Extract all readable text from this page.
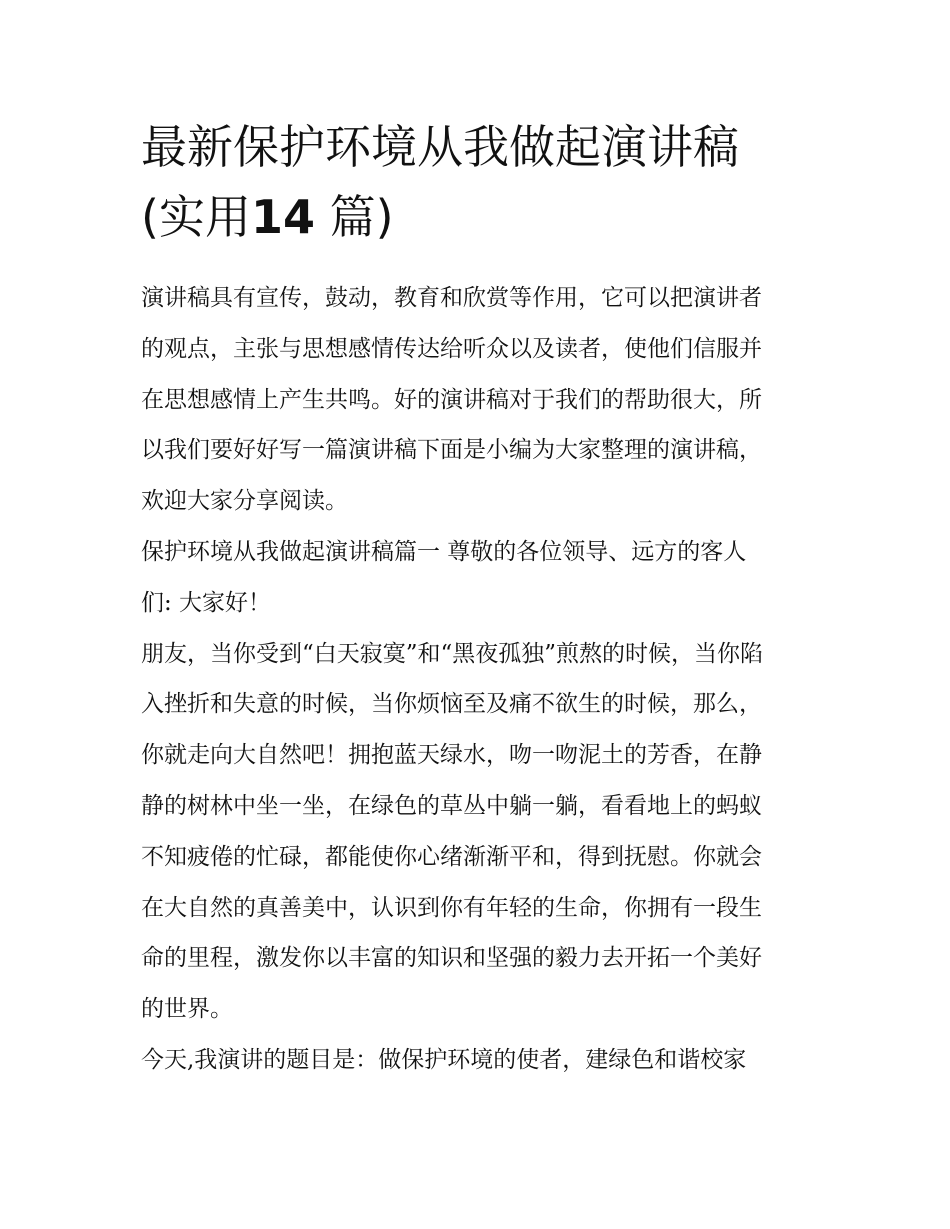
最新保护环境从我做起演讲稿
(实用14 篇)

演讲稿具有宣传，鼓动，教育和欣赏等作用，它可以把演讲者
的观点，主张与思想感情传达给听众以及读者，使他们信服并
在思想感情上产生共鸣。好的演讲稿对于我们的帮助很大，所
以我们要好好写一篇演讲稿下面是小编为大家整理的演讲稿，
欢迎大家分享阅读。

保护环境从我做起演讲稿篇一 尊敬的各位领导、远方的客人
们: 大家好！

朋友，当你受到“白天寂寞”和“黑夜孤独”煎熬的时候，当你陷
入挫折和失意的时候，当你烦恼至及痛不欲生的时候，那么，
你就走向大自然吧！拥抱蓝天绿水，吻一吻泥土的芳香，在静
静的树林中坐一坐，在绿色的草丛中躺一躺，看看地上的蚂蚁
不知疲倦的忙碌，都能使你心绪渐渐平和，得到抚慰。你就会
在大自然的真善美中，认识到你有年轻的生命，你拥有一段生
命的里程，激发你以丰富的知识和坚强的毅力去开拓一个美好
的世界。

今天,我演讲的题目是：做保护环境的使者，建绿色和谐校家
